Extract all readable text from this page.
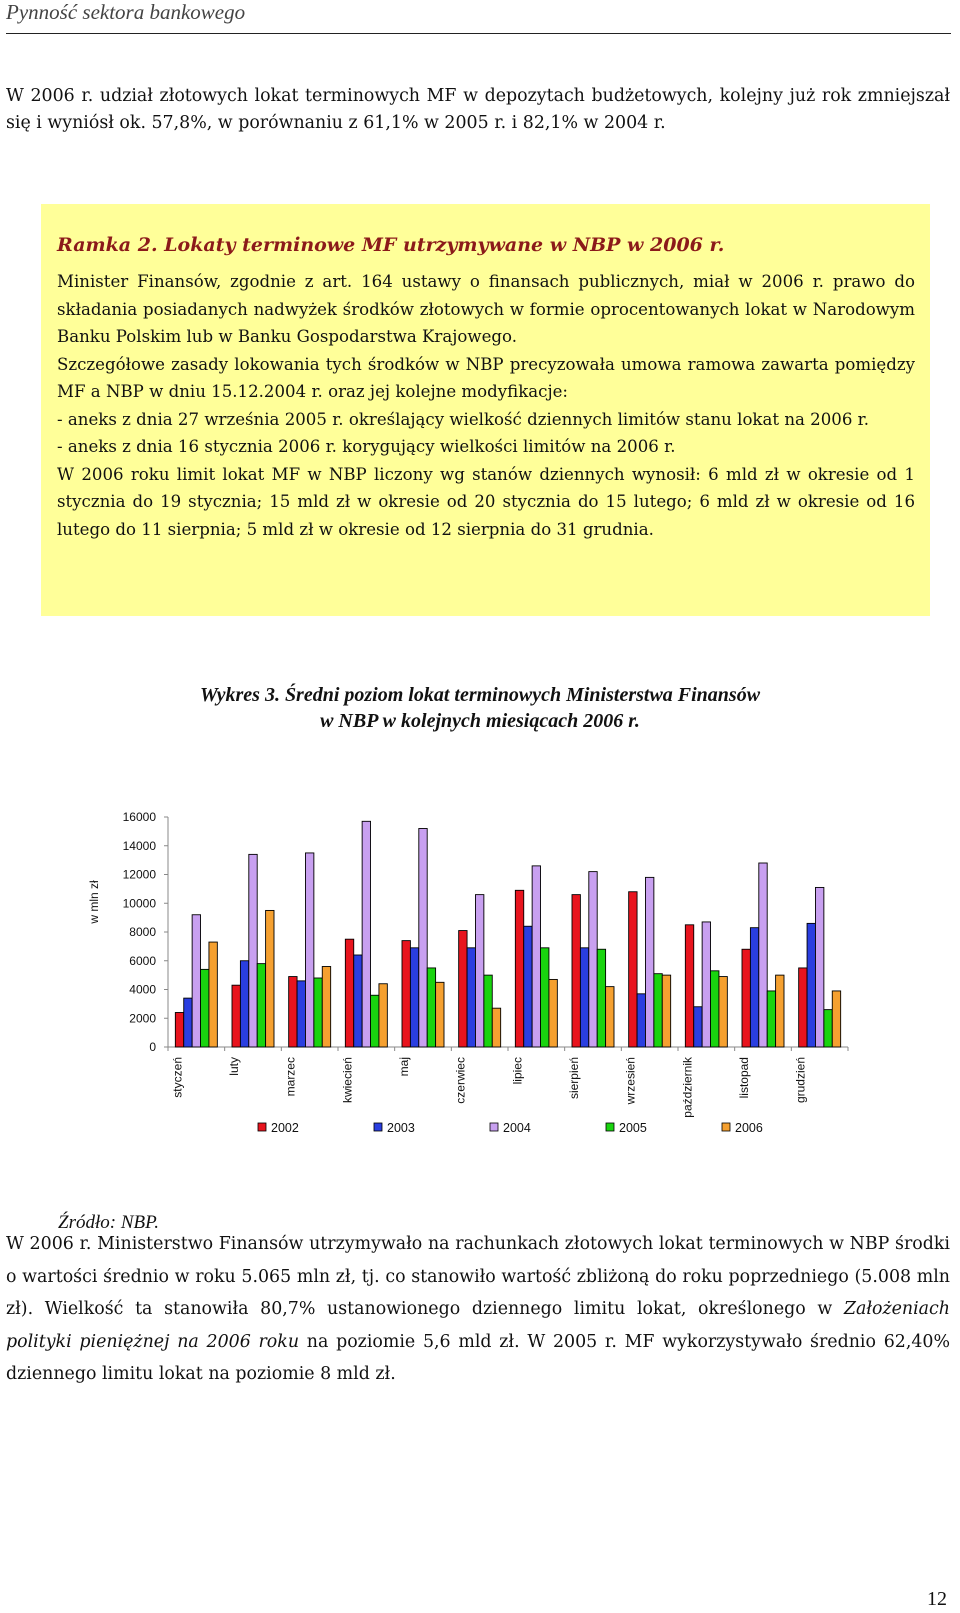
Pynność sektora bankowego

W 2006 r. udział złotowych lokat terminowych MF w depozytach budżetowych, kolejny już rok zmniejszał się i wyniósł ok. 57,8%, w porównaniu z 61,1% w 2005 r. i 82,1% w 2004 r.

Ramka 2. Lokaty terminowe MF utrzymywane w NBP w 2006 r.

Minister Finansów, zgodnie z art. 164 ustawy o finansach publicznych, miał w 2006 r. prawo do składania posiadanych nadwyżek środków złotowych w formie oprocentowanych lokat w Narodowym Banku Polskim lub w Banku Gospodarstwa Krajowego.

Szczegółowe zasady lokowania tych środków w NBP precyzowała umowa ramowa zawarta pomiędzy MF a NBP w dniu 15.12.2004 r. oraz jej kolejne modyfikacje:

- aneks z dnia 27 września 2005 r. określający wielkość dziennych limitów stanu lokat na 2006 r.

- aneks z dnia 16 stycznia 2006 r. korygujący wielkości limitów na 2006 r.

W 2006 roku limit lokat MF w NBP liczony wg stanów dziennych wynosił: 6 mld zł w okresie od 1 stycznia do 19 stycznia; 15 mld zł w okresie od 20 stycznia do 15 lutego; 6 mld zł w okresie od 16 lutego do 11 sierpnia; 5 mld zł w okresie od 12 sierpnia do 31 grudnia.

Wykres 3. Średni poziom lokat terminowych Ministerstwa Finansów
w NBP w kolejnych miesiącach 2006 r.
16000
14000
12000
10000
8000
6000
4000
2000
0
w mln zł
styczeń	luty	marzec	kwiecień	maj	czerwiec	lipiec	sierpień	wrzesień	październik	listopad	grudzień
2002	2003	2004	2005	2006
Źródło: NBP.

W 2006 r. Ministerstwo Finansów utrzymywało na rachunkach złotowych lokat terminowych w NBP środki o wartości średnio w roku 5.065 mln zł, tj. co stanowiło wartość zbliżoną do roku poprzedniego (5.008 mln zł). Wielkość ta stanowiła 80,7% ustanowionego dziennego limitu lokat, określonego w Założeniach polityki pieniężnej na 2006 roku na poziomie 5,6 mld zł. W 2005 r. MF wykorzystywało średnio 62,40% dziennego limitu lokat na poziomie 8 mld zł.

12
